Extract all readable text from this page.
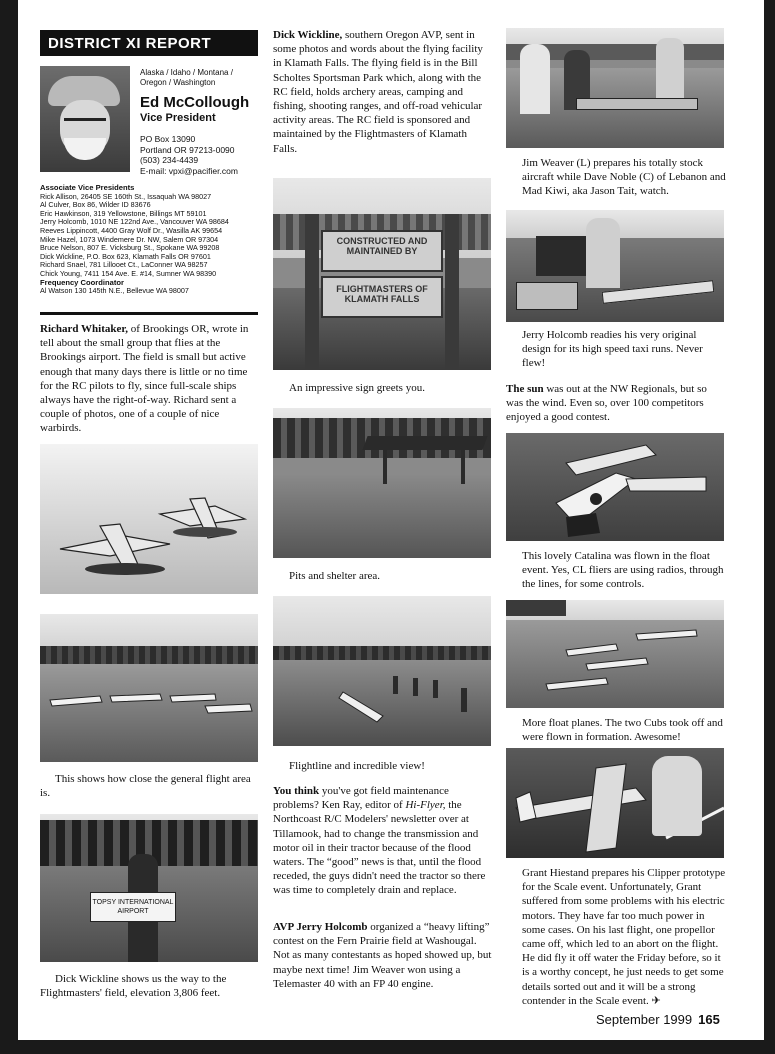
DISTRICT XI REPORT
Alaska / Idaho / Montana / Oregon / Washington
Ed McCollough
Vice President
PO Box 13090
Portland OR 97213-0090
(503) 234-4439
E-mail: vpxi@pacifier.com
Associate Vice Presidents
Rick Allison, 26405 SE 160th St., Issaquah WA 98027
Al Culver, Box 86, Wilder ID 83676
Eric Hawkinson, 319 Yellowstone, Billings MT 59101
Jerry Holcomb, 1010 NE 122nd Ave., Vancouver WA 98684
Reeves Lippincott, 4400 Gray Wolf Dr., Wasilla AK 99654
Mike Hazel, 1073 Windemere Dr. NW, Salem OR 97304
Bruce Nelson, 807 E. Vicksburg St., Spokane WA 99208
Dick Wickline, P.O. Box 623, Klamath Falls OR 97601
Richard Snael, 781 Lillooet Ct., LaConner WA 98257
Chick Young, 7411 154 Ave. E. #14, Sumner WA 98390
Frequency Coordinator
Al Watson 130 145th N.E., Bellevue WA 98007
Richard Whitaker, of Brookings OR, wrote in tell about the small group that flies at the Brookings airport. The field is small but active enough that many days there is little or no time for the RC pilots to fly, since full-scale ships always have the right-of-way. Richard sent a couple of photos, one of a couple of nice warbirds.
This shows how close the general flight area is.
TOPSY INTERNATIONAL AIRPORT
Dick Wickline shows us the way to the Flightmasters' field, elevation 3,806 feet.
Dick Wickline, southern Oregon AVP, sent in some photos and words about the flying facility in Klamath Falls. The flying field is in the Bill Scholtes Sportsman Park which, along with the RC field, holds archery areas, camping and fishing, shooting ranges, and off-road vehicular activity areas. The RC field is sponsored and maintained by the Flightmasters of Klamath Falls.
CONSTRUCTED AND MAINTAINED BY
FLIGHTMASTERS OF KLAMATH FALLS
An impressive sign greets you.
Pits and shelter area.
Flightline and incredible view!
You think you've got field maintenance problems? Ken Ray, editor of Hi-Flyer, the Northcoast R/C Modelers' newsletter over at Tillamook, had to change the transmission and motor oil in their tractor because of the flood waters. The “good” news is that, until the flood receded, the guys didn't need the tractor so there was time to completely drain and replace.
AVP Jerry Holcomb organized a “heavy lifting” contest on the Fern Prairie field at Washougal. Not as many contestants as hoped showed up, but maybe next time! Jim Weaver won using a Telemaster 40 with an FP 40 engine.
Jim Weaver (L) prepares his totally stock aircraft while Dave Noble (C) of Lebanon and Mad Kiwi, aka Jason Tait, watch.
Jerry Holcomb readies his very original design for its high speed taxi runs. Never flew!
The sun was out at the NW Regionals, but so was the wind. Even so, over 100 competitors enjoyed a good contest.
This lovely Catalina was flown in the float event. Yes, CL fliers are using radios, through the lines, for some controls.
More float planes. The two Cubs took off and were flown in formation. Awesome!
Grant Hiestand prepares his Clipper prototype for the Scale event. Unfortunately, Grant suffered from some problems with his electric motors. They have far too much power in some cases. On his last flight, one propellor came off, which led to an abort on the flight. He did fly it off water the Friday before, so it is a worthy concept, he just needs to get some details sorted out and it will be a strong contender in the Scale event. ✈
September 1999 165
